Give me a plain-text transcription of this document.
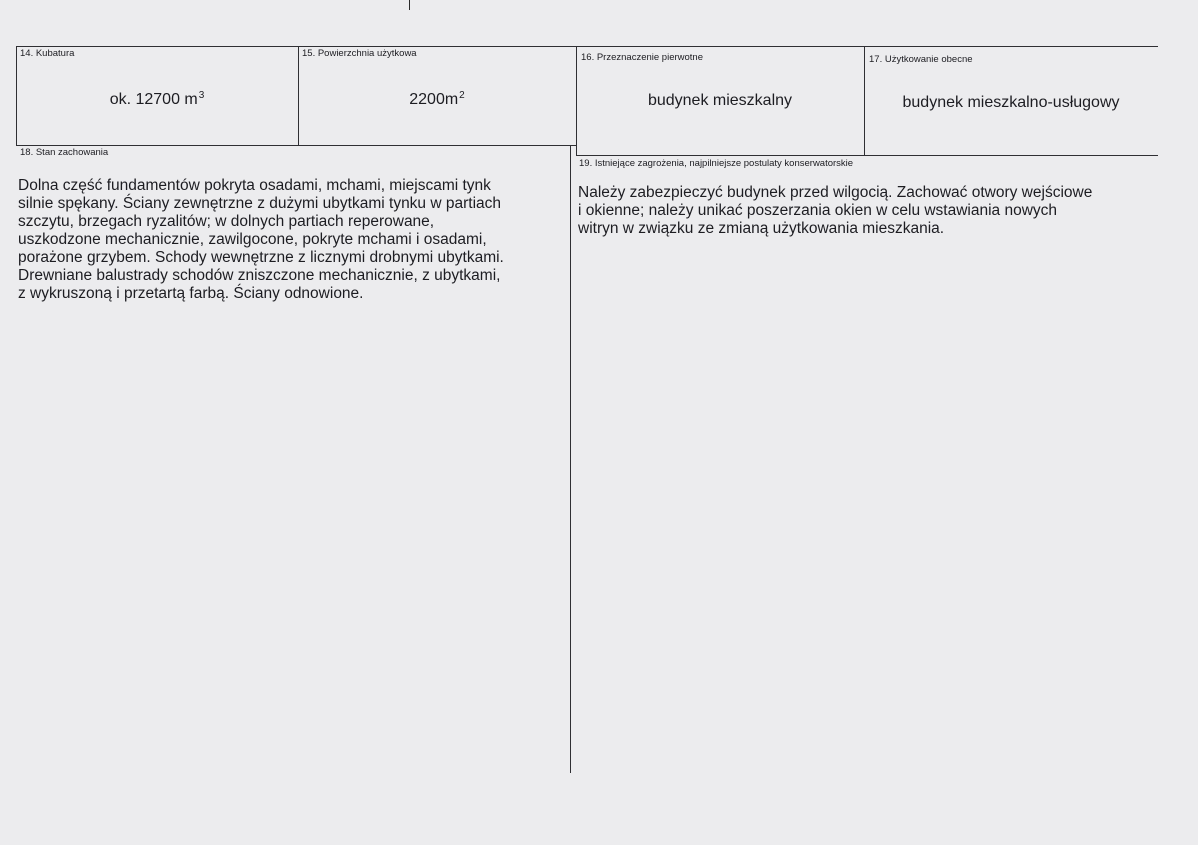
14. Kubatura
ok. 12700 $m^3$
15. Powierzchnia użytkowa
$2200m^2$
16. Przeznaczenie pierwotne
budynek mieszkalny
17. Użytkowanie obecne
budynek mieszkalno-usługowy
18. Stan zachowania
Dolna część fundamentów pokryta osadami, mchami, miejscami tynk
silnie spękany. Ściany zewnętrzne z dużymi ubytkami tynku w partiach
szczytu, brzegach ryzalitów; w dolnych partiach reperowane,
uszkodzone mechanicznie, zawilgocone, pokryte mchami i osadami,
porażone grzybem. Schody wewnętrzne z licznymi drobnymi ubytkami.
Drewniane balustrady schodów zniszczone mechanicznie, z ubytkami,
z wykruszoną i przetartą farbą. Ściany odnowione.
19. Istniejące zagrożenia, najpilniejsze postulaty konserwatorskie
Należy zabezpieczyć budynek przed wilgocią. Zachować otwory wejściowe
i okienne; należy unikać poszerzania okien w celu wstawiania nowych
witryn w związku ze zmianą użytkowania mieszkania.
